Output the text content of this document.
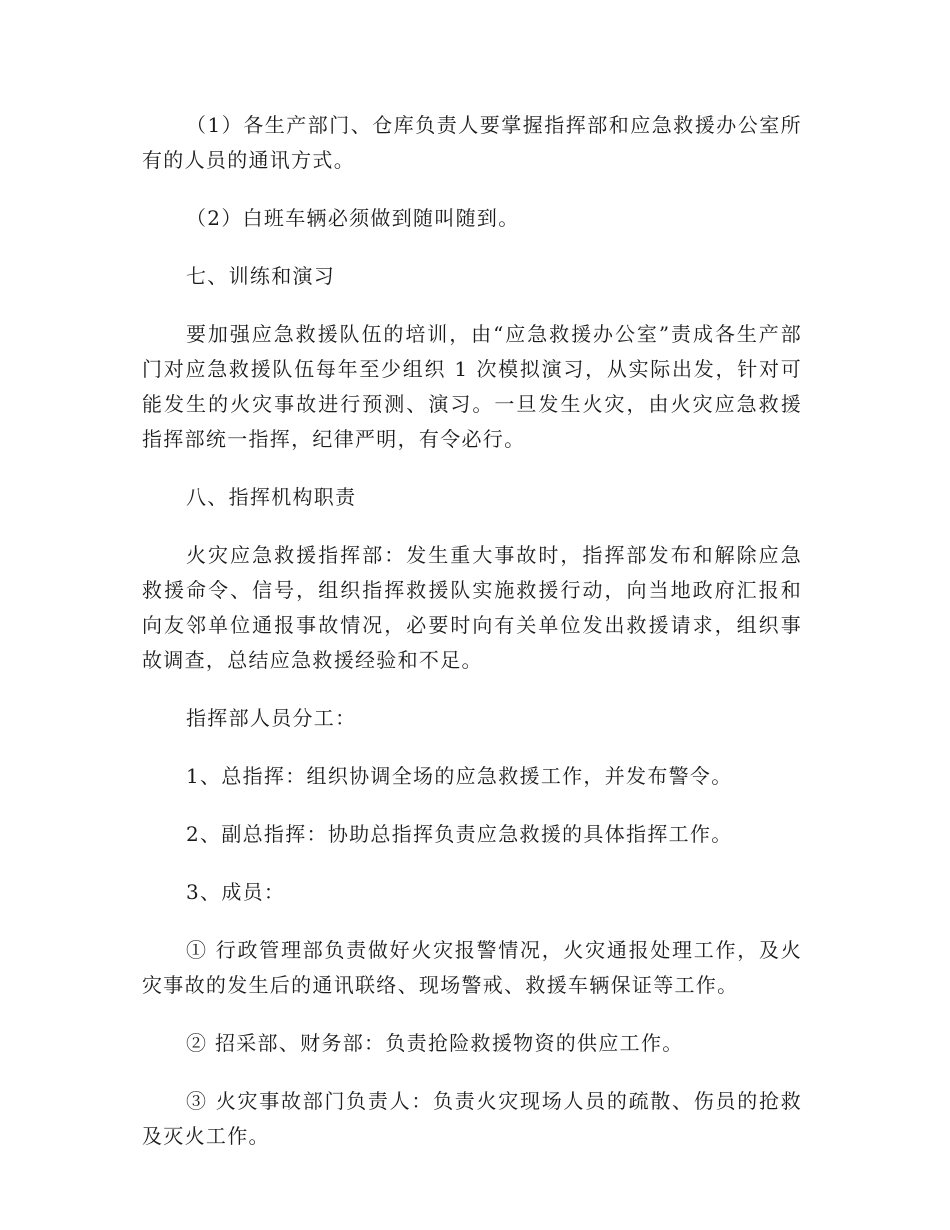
（1）各生产部门、仓库负责人要掌握指挥部和应急救援办公室所有的人员的通讯方式。

（2）白班车辆必须做到随叫随到。

七、训练和演习

要加强应急救援队伍的培训，由“应急救援办公室”责成各生产部门对应急救援队伍每年至少组织 1 次模拟演习，从实际出发，针对可能发生的火灾事故进行预测、演习。一旦发生火灾，由火灾应急救援指挥部统一指挥，纪律严明，有令必行。

八、指挥机构职责

火灾应急救援指挥部：发生重大事故时，指挥部发布和解除应急救援命令、信号，组织指挥救援队实施救援行动，向当地政府汇报和向友邻单位通报事故情况，必要时向有关单位发出救援请求，组织事故调查，总结应急救援经验和不足。

指挥部人员分工：

1、总指挥：组织协调全场的应急救援工作，并发布警令。

2、副总指挥：协助总指挥负责应急救援的具体指挥工作。

3、成员：

① 行政管理部负责做好火灾报警情况，火灾通报处理工作，及火灾事故的发生后的通讯联络、现场警戒、救援车辆保证等工作。

② 招采部、财务部：负责抢险救援物资的供应工作。

③ 火灾事故部门负责人：负责火灾现场人员的疏散、伤员的抢救及灭火工作。
